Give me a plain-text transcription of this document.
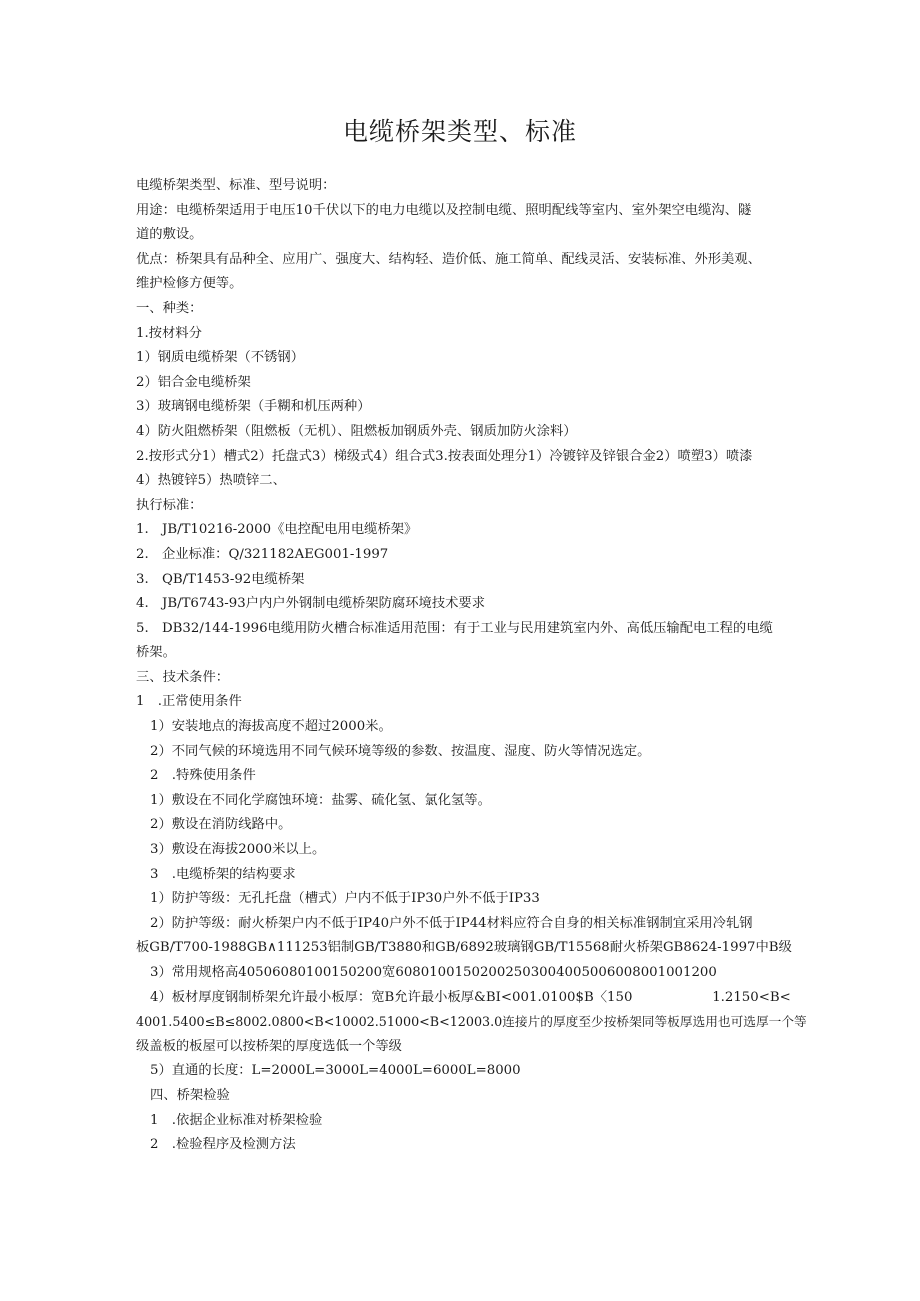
电缆桥架类型、标准
电缆桥架类型、标准、型号说明：
用途：电缆桥架适用于电压10千伏以下的电力电缆以及控制电缆、照明配线等室内、室外架空电缆沟、隧
道的敷设。
优点：桥架具有品种全、应用广、强度大、结构轻、造价低、施工简单、配线灵活、安装标准、外形美观、
维护检修方便等。
一、种类：
1.按材料分
1）钢质电缆桥架（不锈钢）
2）铝合金电缆桥架
3）玻璃钢电缆桥架（手糊和机压两种）
4）防火阻燃桥架（阻燃板（无机）、阻燃板加钢质外壳、钢质加防火涂料）
2.按形式分1）槽式2）托盘式3）梯级式4）组合式3.按表面处理分1）冷镀锌及锌银合金2）喷塑3）喷漆
4）热镀锌5）热喷锌二、
执行标准：
1.　JB/T10216-2000《电控配电用电缆桥架》
2.　企业标准：Q/321182AEG001-1997
3.　QB/T1453-92电缆桥架
4.　JB/T6743-93户内户外钢制电缆桥架防腐环境技术要求
5.　DB32/144-1996电缆用防火槽合标准适用范围：有于工业与民用建筑室内外、高低压输配电工程的电缆
桥架。
三、技术条件：
1　.正常使用条件
1）安装地点的海拔高度不超过2000米。
2）不同气候的环境选用不同气候环境等级的参数、按温度、湿度、防火等情况选定。
2　.特殊使用条件
1）敷设在不同化学腐蚀环境：盐雾、硫化氢、氯化氢等。
2）敷设在消防线路中。
3）敷设在海拔2000米以上。
3　.电缆桥架的结构要求
1）防护等级：无孔托盘（槽式）户内不低于IP30户外不低于IP33
2）防护等级：耐火桥架户内不低于IP40户外不低于IP44材料应符合自身的相关标准钢制宜采用冷轧钢
板GB/T700-1988GB∧111253铝制GB/T3880和GB/6892玻璃钢GB/T15568耐火桥架GB8624-1997中B级
3）常用规格高40506080100150200宽60801001502002503004005006008001001200
4）板材厚度钢制桥架允许最小板厚：宽B允许最小板厚&BI<001.0100$B〈150　　　　　　1.2150<B<
4001.5400≤B≤8002.0800<B<10002.51000<B<12003.0连接片的厚度至少按桥架同等板厚选用也可选厚一个等
级盖板的板屋可以按桥架的厚度选低一个等级
5）直通的长度：L=2000L=3000L=4000L=6000L=8000
四、桥架检验
1　.依据企业标准对桥架检验
2　.检验程序及检测方法
